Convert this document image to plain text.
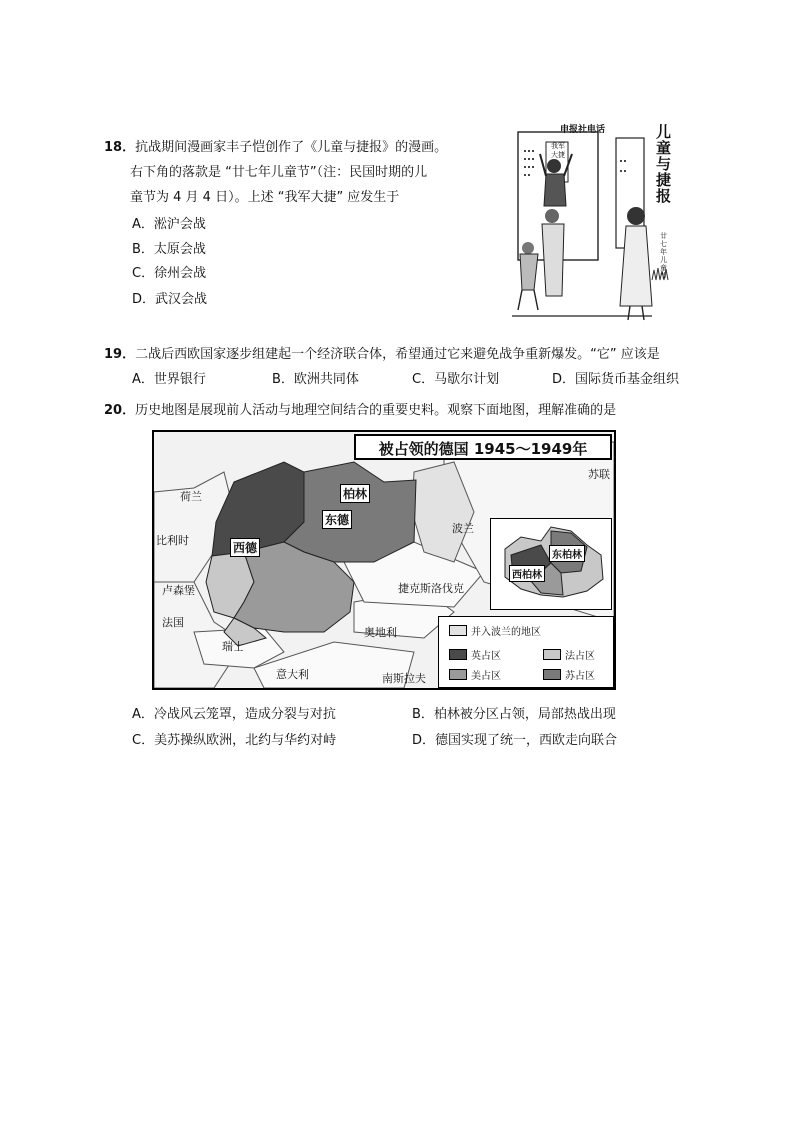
18．抗战期间漫画家丰子恺创作了《儿童与捷报》的漫画。
右下角的落款是 “廿七年儿童节”（注：民国时期的儿
童节为 4 月 4 日）。上述 “我军大捷” 应发生于
A．淞沪会战
B．太原会战
C．徐州会战
D．武汉会战
申报社电话
我军大捷
儿童与捷报
廿七年儿童节
19．二战后西欧国家逐步组建起一个经济联合体，希望通过它来避免战争重新爆发。“它” 应该是
A．世界银行	B．欧洲共同体	C．马歇尔计划	D．国际货币基金组织
20．历史地图是展现前人活动与地理空间结合的重要史料。观察下面地图，理解准确的是
被占领的德国 1945～1949年
苏联
荷兰
比利时
卢森堡
法国
瑞士
意大利	南斯拉夫
奥地利
捷克斯洛伐克
波兰
柏林
东德
西德
东柏林
西柏林
并入波兰的地区
英占区	法占区
美占区	苏占区
A．冷战风云笼罩，造成分裂与对抗	B．柏林被分区占领，局部热战出现
C．美苏操纵欧洲，北约与华约对峙	D．德国实现了统一，西欧走向联合
